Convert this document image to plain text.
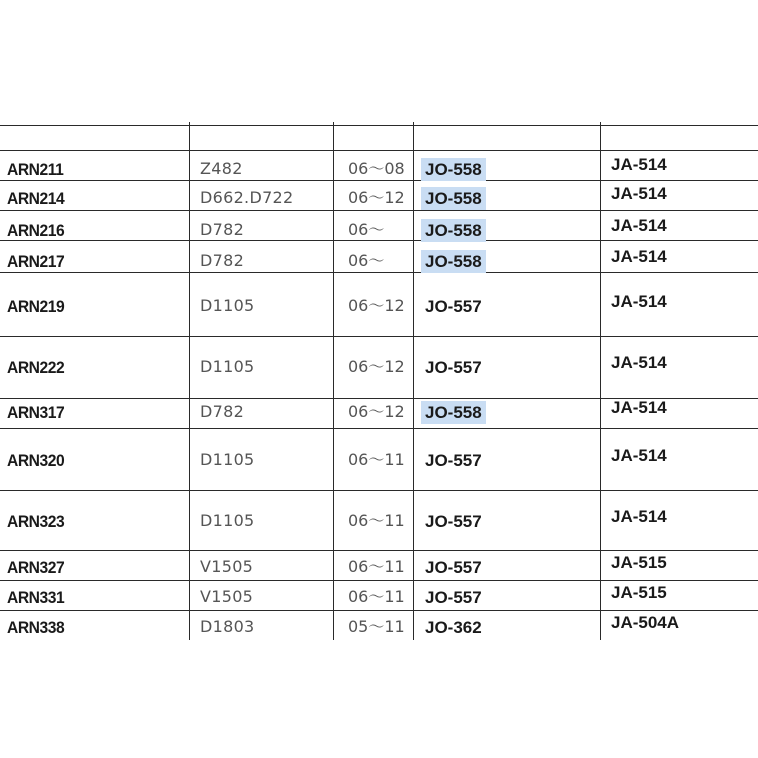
ARN211	Z482	06～08 JO-558	JA-514
ARN214	D662.D722	06～12 JO-558	JA-514
ARN216	D782	06～ JO-558	JA-514
ARN217	D782	06～ JO-558	JA-514
ARN219	D1105	06～12 JO-557	JA-514
ARN222	D1105	06～12 JO-557	JA-514
ARN317	D782	06～12 JO-558	JA-514
ARN320	D1105	06～11 JO-557	JA-514
ARN323	D1105	06～11 JO-557	JA-514
ARN327	V1505	06～11 JO-557	JA-515
ARN331	V1505	06～11 JO-557	JA-515
ARN338	D1803	05～11 JO-362	JA-504A
